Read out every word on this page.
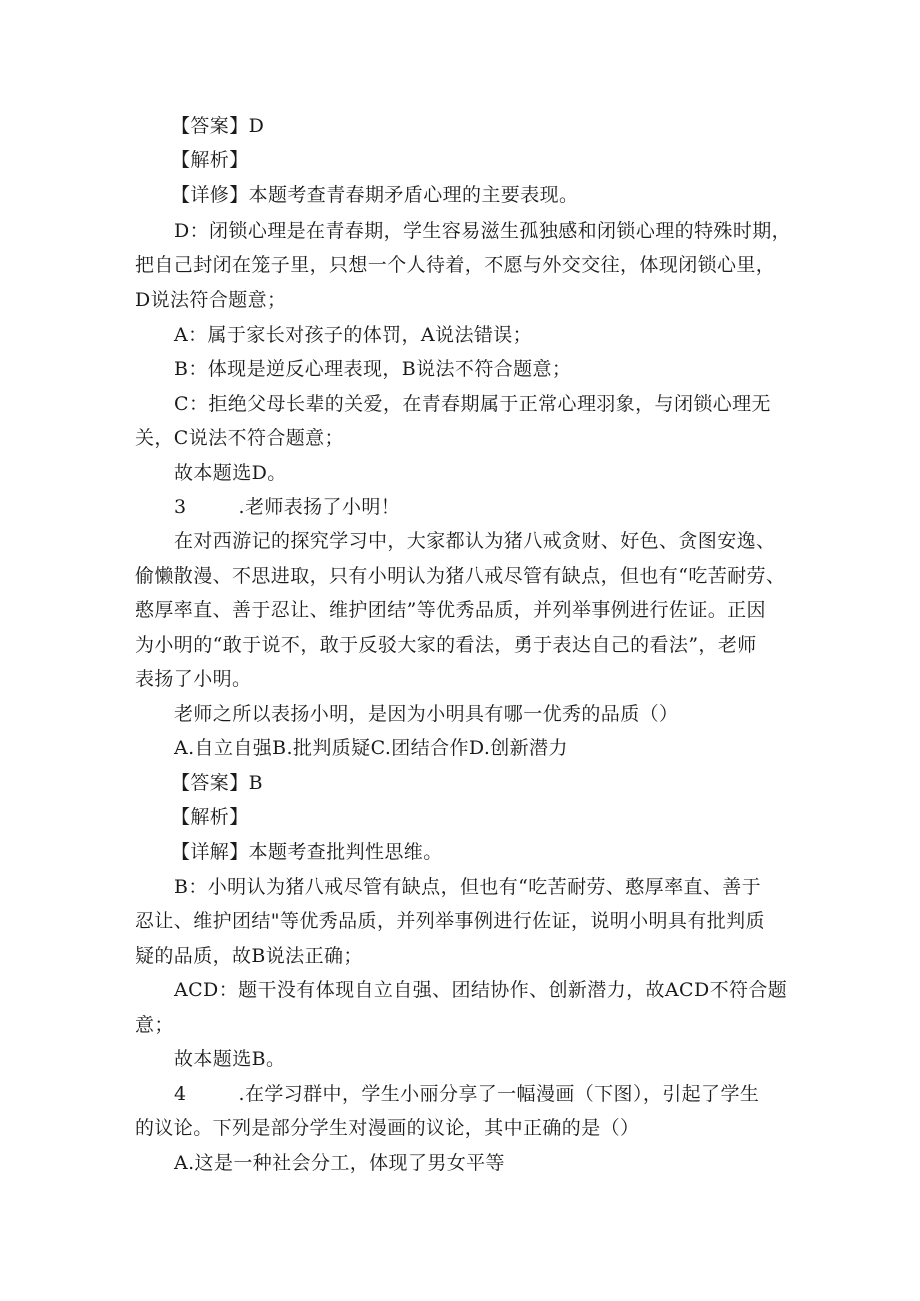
【答案】D
【解析】
【详修】本题考查青春期矛盾心理的主要表现。
D：闭锁心理是在青春期，学生容易滋生孤独感和闭锁心理的特殊时期，
把自己封闭在笼子里，只想一个人待着，不愿与外交交往，体现闭锁心里，
D说法符合题意；
A：属于家长对孩子的体罚，A说法错误；
B：体现是逆反心理表现，B说法不符合题意；
C：拒绝父母长辈的关爱，在青春期属于正常心理羽象，与闭锁心理无
关，C说法不符合题意；
故本题选D。
3	.老师表扬了小明！
在对西游记的探究学习中，大家都认为猪八戒贪财、好色、贪图安逸、
偷懒散漫、不思进取，只有小明认为猪八戒尽管有缺点，但也有“吃苦耐劳、
憨厚率直、善于忍让、维护团结”等优秀品质，并列举事例进行佐证。正因
为小明的“敢于说不，敢于反驳大家的看法，勇于表达自己的看法”，老师
表扬了小明。
老师之所以表扬小明，是因为小明具有哪一优秀的品质（）
A.自立自强B.批判质疑C.团结合作D.创新潜力
【答案】B
【解析】
【详解】本题考查批判性思维。
B：小明认为猪八戒尽管有缺点，但也有“吃苦耐劳、憨厚率直、善于
忍让、维护团结"等优秀品质，并列举事例进行佐证，说明小明具有批判质
疑的品质，故B说法正确；
ACD：题干没有体现自立自强、团结协作、创新潜力，故ACD不符合题
意；
故本题选B。
4	.在学习群中，学生小丽分享了一幅漫画（下图），引起了学生
的议论。下列是部分学生对漫画的议论，其中正确的是（）
A.这是一种社会分工，体现了男女平等
